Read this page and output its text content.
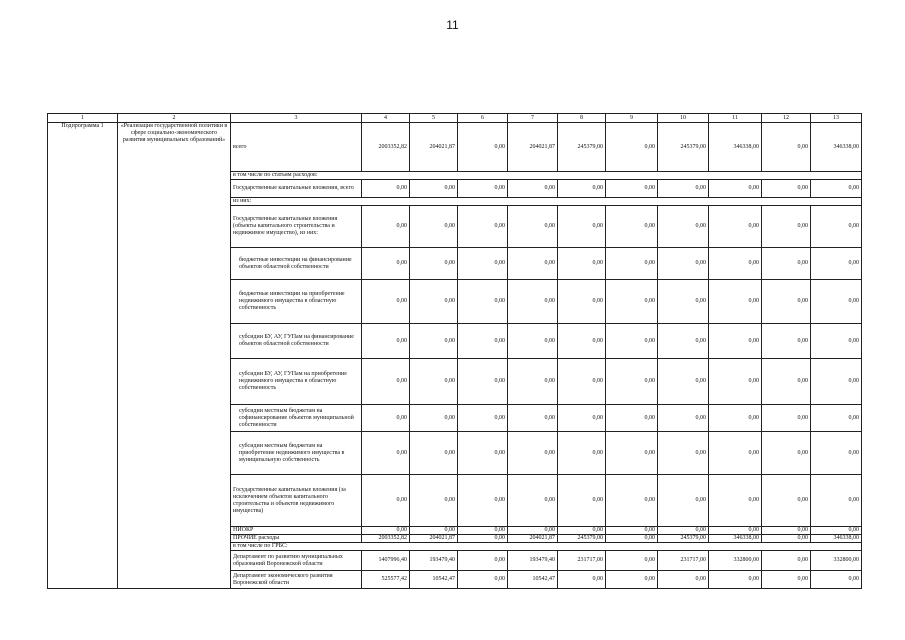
11
1	2	3	4	5	6	7	8	9	10	11	12	13
Подпрограмма 1	«Реализация государственной политики в сфере социально-экономического развития муниципальных образований»	всего	2003352,82	204021,87	0,00	204021,87	245379,00	0,00	245379,00	346338,00	0,00	346338,00
		в том числе по статьям расходов:										
		Государственные капитальные вложения, всего	0,00	0,00	0,00	0,00	0,00	0,00	0,00	0,00	0,00	0,00
		из них:										
		Государственные капитальные вложения (объекты капитального строительства и недвижимое имущество), из них:	0,00	0,00	0,00	0,00	0,00	0,00	0,00	0,00	0,00	0,00
		бюджетные инвестиции на финансирование объектов областной собственности	0,00	0,00	0,00	0,00	0,00	0,00	0,00	0,00	0,00	0,00
		бюджетные инвестиции на приобретение недвижимого имущества в областную собственность	0,00	0,00	0,00	0,00	0,00	0,00	0,00	0,00	0,00	0,00
		субсидии БУ, АУ, ГУПам на финансирование объектов областной собственности	0,00	0,00	0,00	0,00	0,00	0,00	0,00	0,00	0,00	0,00
		субсидии БУ, АУ, ГУПам на приобретение недвижимого имущества в областную собственность	0,00	0,00	0,00	0,00	0,00	0,00	0,00	0,00	0,00	0,00
		субсидии местным бюджетам на софинансирование объектов муниципальной собственности	0,00	0,00	0,00	0,00	0,00	0,00	0,00	0,00	0,00	0,00
		субсидии местным бюджетам на приобретение недвижимого имущества в муниципальную собственность	0,00	0,00	0,00	0,00	0,00	0,00	0,00	0,00	0,00	0,00
		Государственные капитальные вложения (за исключением объектов капитального строительства и объектов недвижимого имущества)	0,00	0,00	0,00	0,00	0,00	0,00	0,00	0,00	0,00	0,00
		НИОКР	0,00	0,00	0,00	0,00	0,00	0,00	0,00	0,00	0,00	0,00
		ПРОЧИЕ расходы	2003352,82	204021,87	0,00	204021,87	245379,00	0,00	245379,00	346338,00	0,00	346338,00
		в том числе по ГРБС:										
		Департамент по развитию муниципальных образований Воронежской области	1407996,40	193479,40	0,00	193479,40	231717,00	0,00	231717,00	332800,00	0,00	332800,00
		Департамент экономического развития Воронежской области	525577,42	10542,47	0,00	10542,47	0,00	0,00	0,00	0,00	0,00	0,00
